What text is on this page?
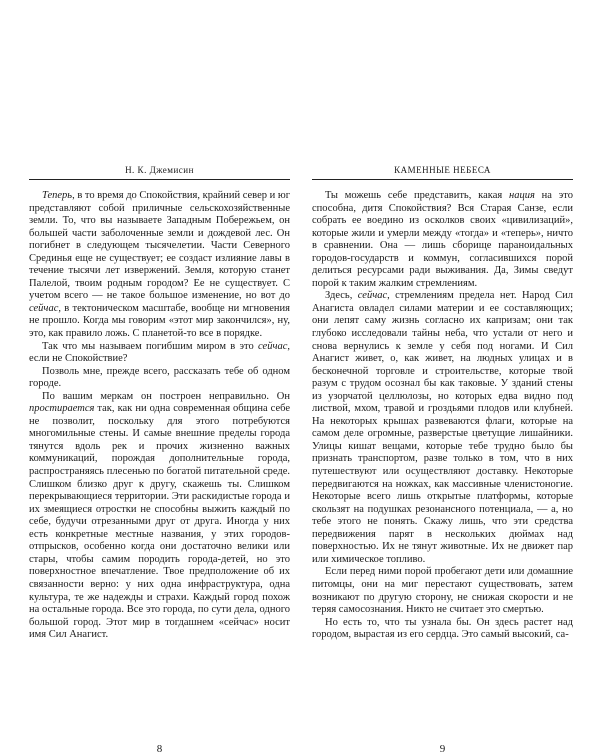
Н. К. Джемисин

Теперь, в то время до Спокойствия, крайний север и юг представляют собой приличные сельскохозяйственные земли. То, что вы называете Западным Побережьем, он большей части заболоченные земли и дождевой лес. Он погибнет в следующем тысячелетии. Части Северного Срединья еще не существует; ее создаст излияние лавы в течение тысячи лет извержений. Земля, которую станет Палелой, твоим родным городом? Ее не существует. С учетом всего — не такое большое изменение, но вот до сейчас, в тектоническом масштабе, вообще ни мгновения не прошло. Когда мы говорим «этот мир закончился», ну, это, как правило ложь. С планетой-то все в порядке.

Так что мы называем погибшим миром в это сейчас, если не Спокойствие?

Позволь мне, прежде всего, рассказать тебе об одном городе.

По вашим меркам он построен неправильно. Он простирается так, как ни одна современная община себе не позволит, поскольку для этого потребуются многомильные стены. И самые внешние пределы города тянутся вдоль рек и прочих жизненно важных коммуникаций, порождая дополнительные города, распространяясь плесенью по богатой питательной среде. Слишком близко друг к другу, скажешь ты. Слишком перекрывающиеся территории. Эти раскидистые города и их змеящиеся отростки не способны выжить каждый по себе, будучи отрезанными друг от друга. Иногда у них есть конкретные местные названия, у этих городов-отпрысков, особенно когда они достаточно велики или стары, чтобы самим породить города-детей, но это поверхностное впечатление. Твое предположение об их связанности верно: у них одна инфраструктура, одна культура, те же надежды и страхи. Каждый город похож на остальные города. Все это города, по сути дела, одного большой город. Этот мир в тогдашнем «сейчас» носит имя Сил Анагист.

8
КАМЕННЫЕ НЕБЕСА

Ты можешь себе представить, какая нация на это способна, дитя Спокойствия? Вся Старая Санзе, если собрать ее воедино из осколков своих «цивилизаций», которые жили и умерли между «тогда» и «теперь», ничто в сравнении. Она — лишь сборище параноидальных городов-государств и коммун, согласившихся порой делиться ресурсами ради выживания. Да, Зимы сведут порой к таким жалким стремлениям.

Здесь, сейчас, стремлениям предела нет. Народ Сил Анагиста овладел силами материи и ее составляющих; они лепят саму жизнь согласно их капризам; они так глубоко исследовали тайны неба, что устали от него и снова вернулись к земле у себя под ногами. И Сил Анагист живет, о, как живет, на людных улицах и в бесконечной торговле и строительстве, которые твой разум с трудом осознал бы как таковые. У зданий стены из узорчатой целлюлозы, но которых едва видно под листвой, мхом, травой и гроздьями плодов или клубней. На некоторых крышах развеваются флаги, которые на самом деле огромные, разверстые цветущие лишайники. Улицы кишат вещами, которые тебе трудно было бы признать транспортом, разве только в том, что в них путешествуют или осуществляют доставку. Некоторые передвигаются на ножках, как массивные членистоногие. Некоторые всего лишь открытые платформы, которые скользят на подушках резонансного потенциала, — а, но тебе этого не понять. Скажу лишь, что эти средства передвижения парят в нескольких дюймах над поверхностью. Их не тянут животные. Их не движет пар или химическое топливо.

Если перед ними порой пробегают дети или домашние питомцы, они на миг перестают существовать, затем возникают по другую сторону, не снижая скорости и не теряя самосознания. Никто не считает это смертью.

Но есть то, что ты узнала бы. Он здесь растет над городом, вырастая из его сердца. Это самый высокий, са-

9
